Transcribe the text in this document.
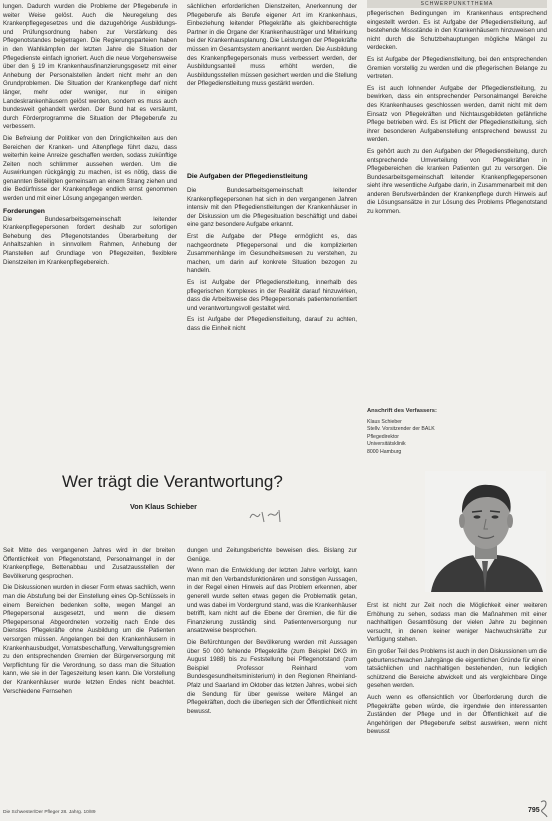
SCHWERPUNKTTHEMA

lungen. Dadurch wurden die Probleme der Pflegeberufe in weiter Weise gelöst. Auch die Neuregelung des Krankenpflegegesetzes und die dazugehörige Ausbildungs- und Prüfungsordnung haben zur Verstärkung des Pflegenotstandes beigetragen. Die Regierungsparteien haben in den Wahlkämpfen der letzten Jahre die Situation der Pflegedienste einfach ignoriert. Auch die neue Vorgehensweise über den § 19 im Krankenhausfinanzierungsgesetz mit einer Anhebung der Personalstellen ändert nicht mehr an den Grundproblemen. Die Situation der Krankenpflege darf nicht länger, mehr oder weniger, nur in einigen Landeskrankenhäusern gelöst werden, sondern es muss auch bundesweit gehandelt werden. Der Bund hat es versäumt, durch Förderprogramme die Situation der Pflegeberufe zu verbessern.

Die Befreiung der Politiker von den Dringlichkeiten aus den Bereichen der Kranken- und Altenpflege führt dazu, dass weiterhin keine Anreize geschaffen werden, sodass zukünftige Zeiten noch schlimmer aussehen werden. Um die Auswirkungen rückgängig zu machen, ist es nötig, dass die genannten Beteiligten gemeinsam an einem Strang ziehen und die Bedürfnisse der Krankenpflege endlich ernst genommen werden und mit einer Lösung angegangen werden.

Forderungen

Die Bundesarbeitsgemeinschaft leitender Krankenpflegepersonen fordert deshalb zur sofortigen Behebung des Pflegenotstandes Überarbeitung der Anhaltszahlen in sinnvollem Rahmen, Anhebung der Planstellen auf Grundlage von Pflegezeiten, flexiblere Dienstzeiten im Krankenpflegebereich.

sächlichen erforderlichen Dienstzeiten, Anerkennung der Pflegeberufe als Berufe eigener Art im Krankenhaus, Einbeziehung leitender Pflegekräfte als gleichberechtigte Partner in die Organe der Krankenhausträger und Mitwirkung bei der Krankenhausplanung. Die Leistungen der Pflegekräfte müssen im Gesamtsystem anerkannt werden. Die Ausbildung des Krankenpflegepersonals muss verbessert werden, der Ausbildungsanteil muss erhöht werden, die Ausbildungsstellen müssen gesichert werden und die Stellung der Pflegedienstleitung muss gestärkt werden.

Die Aufgaben der Pflegedienstleitung

Die Bundesarbeitsgemeinschaft leitender Krankenpflegepersonen hat sich in den vergangenen Jahren intensiv mit den Pflegedienstleitungen der Krankenhäuser in der Diskussion um die Pflegesituation beschäftigt und dabei eine ganz besondere Aufgabe erkannt.

Erst die Aufgabe der Pflege ermöglicht es, das nachgeordnete Pflegepersonal und die komplizierten Zusammenhänge im Gesundheitswesen zu verstehen, zu machen, um darin auf konkrete Situation bezogen zu handeln.

Es ist Aufgabe der Pflegedienstleitung, innerhalb des pflegerischen Komplexes in der Realität darauf hinzuwirken, dass die Arbeitsweise des Pflegepersonals patientenorientiert und verantwortungsvoll gestaltet wird.

Es ist Aufgabe der Pflegedienstleitung, darauf zu achten, dass die Einheit nicht

pflegerischen Bedingungen im Krankenhaus entsprechend eingestellt werden. Es ist Aufgabe der Pflegedienstleitung, auf bestehende Missstände in den Krankenhäusern hinzuweisen und nicht durch die Schutzbehauptungen mögliche Mängel zu verdecken.

Es ist Aufgabe der Pflegedienstleitung, bei den entsprechenden Gremien vorstellig zu werden und die pflegerischen Belange zu vertreten.

Es ist auch lohnender Aufgabe der Pflegedienstleitung, zu bewirken, dass ein entsprechender Personalmangel Bereiche des Krankenhauses geschlossen werden, damit nicht mit dem Einsatz von Pflegekräften und Nichtausgebildeten gefährliche Pflege betrieben wird. Es ist Pflicht der Pflegedienstleitung, sich ihrer besonderen Aufgabenstellung entsprechend bewusst zu werden.

Es gehört auch zu den Aufgaben der Pflegedienstleitung, durch entsprechende Umverteilung von Pflegekräften in Pflegebereichen die kranken Patienten gut zu versorgen. Die Bundesarbeitsgemeinschaft leitender Krankenpflegepersonen sieht ihre wesentliche Aufgabe darin, in Zusammenarbeit mit den anderen Berufsverbänden der Krankenpflege durch Hinweis auf die Lösungsansätze in zur Lösung des Problems Pflegenotstand zu kommen.

Anschrift des Verfassers:
Klaus Schieber
Stellv. Vorsitzender der BALK
Pflegedirektor
Universitätsklinik
8000 Hamburg
Wer trägt die Verantwortung?
Von Klaus Schieber

Seit Mitte des vergangenen Jahres wird in der breiten Öffentlichkeit von Pflegenotstand, Personalmangel in der Krankenpflege, Bettenabbau und Zusatzausstellen der Bevölkerung gesprochen.

Die Diskussionen wurden in dieser Form etwas sachlich, wenn man die Abstufung bei der Einstellung eines Op-Schlüssels in einem Bereichen bedenken sollte, wegen Mangel an Pflegepersonal ausgesetzt, und wenn die diesem Pflegepersonal Abgeordneten vorzeitig nach Ende des Dienstes Pflegekräfte ohne Ausbildung um die Patienten versorgen müssen. Angelangen bei den Krankenhäusern in Krankenhausbudget, Vorratsbeschaffung, Verwaltungsgremien zu den entsprechenden Gremien der Bürgerversorgung mit Verpflichtung für die Verordnung, so dass man die Situation kann, wie sie in der Tageszeitung lesen kann. Die Vorstellung der Krankenhäuser wurde letzten Endes nicht beachtet. Verschiedene Fernsehen

dungen und Zeitungsberichte beweisen dies. Bislang zur Genüge.

Wenn man die Entwicklung der letzten Jahre verfolgt, kann man mit den Verbandsfunktionären und sonstigen Aussagen, in der Regel einen Hinweis auf das Problem erkennen, aber generell wurde selten etwas gegen die Problematik getan, und was dabei im Vordergrund stand, was die Krankenhäuser betrifft, kam nicht auf die Ebene der Gremien, die für die Finanzierung zuständig sind. Patientenversorgung nur ansatzweise besprochen.

Die Befürchtungen der Bevölkerung werden mit Aussagen über 50 000 fehlende Pflegekräfte (zum Beispiel DKG im August 1988) bis zu Feststellung bei Pflegenotstand (zum Beispiel Professor Reinhard vom Bundesgesundheitsministerium) in den Regionen Rheinland-Pfalz und Saarland im Oktober das letzten Jahres, wobei sich die Sendung für über gewisse weitere Mängel an Pflegekräften, doch die überlegen sich der Öffentlichkeit nicht bewusst.

Erst ist nicht zur Zeit noch die Möglichkeit einer weiteren Erhöhung zu sehen, sodass man die Maßnahmen mit einer nachhaltigen Gesamtlösung der vielen Jahre zu beginnen versucht, in denen keiner weniger Nachwuchskräfte zur Verfügung stehen.

Ein großer Teil des Problems ist auch in den Diskussionen um die geburtenschwachen Jahrgänge die eigentlichen Gründe für einen tatsächlichen und nachhaltigen bestehenden, nun lediglich schützend die Bereiche abwickelt und als vergleichbare Dinge gesehen werden.

Auch wenn es offensichtlich vor Überforderung durch die Pflegekräfte geben würde, die irgendwie den interessanten Zuständen der Pflege und in der Öffentlichkeit auf die Angehörigen der Pflegeberufe selbst auswirken, wenn nicht bewusst

Die Schwester/Der Pfleger 28. Jahrg. 10/89	795
